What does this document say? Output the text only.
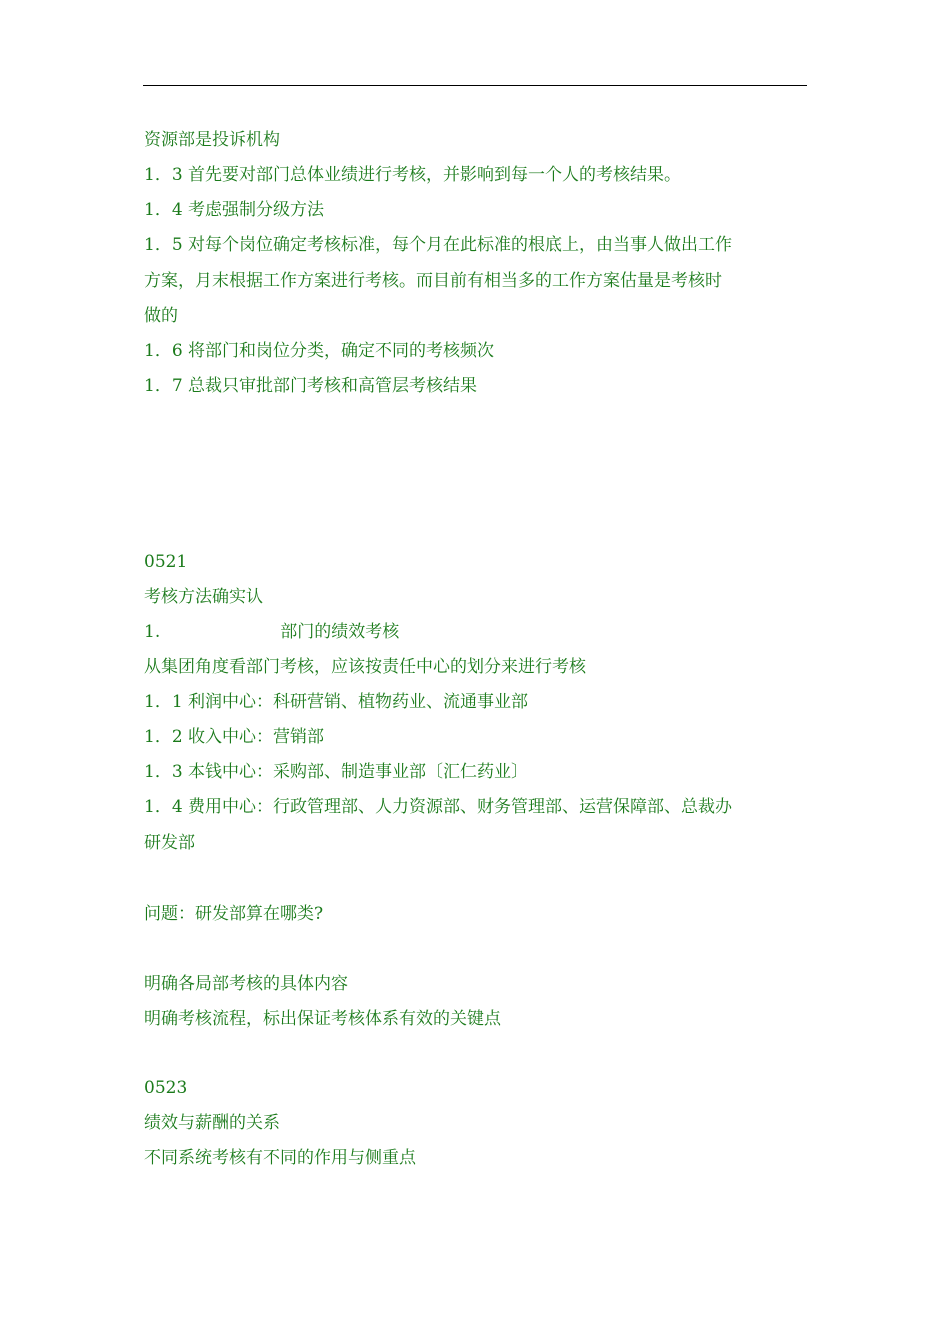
资源部是投诉机构
1．3 首先要对部门总体业绩进行考核，并影响到每一个人的考核结果。
1．4 考虑强制分级方法
1．5 对每个岗位确定考核标准，每个月在此标准的根底上，由当事人做出工作
方案，月末根据工作方案进行考核。而目前有相当多的工作方案估量是考核时
做的
1．6 将部门和岗位分类，确定不同的考核频次
1．7 总裁只审批部门考核和高管层考核结果
0521
考核方法确实认
1.	部门的绩效考核
从集团角度看部门考核，应该按责任中心的划分来进行考核
1．1 利润中心：科研营销、植物药业、流通事业部
1．2 收入中心：营销部
1．3 本钱中心：采购部、制造事业部〔汇仁药业〕
1．4 费用中心：行政管理部、人力资源部、财务管理部、运营保障部、总裁办
研发部
问题：研发部算在哪类?
明确各局部考核的具体内容
明确考核流程，标出保证考核体系有效的关键点
0523
绩效与薪酬的关系
不同系统考核有不同的作用与侧重点
